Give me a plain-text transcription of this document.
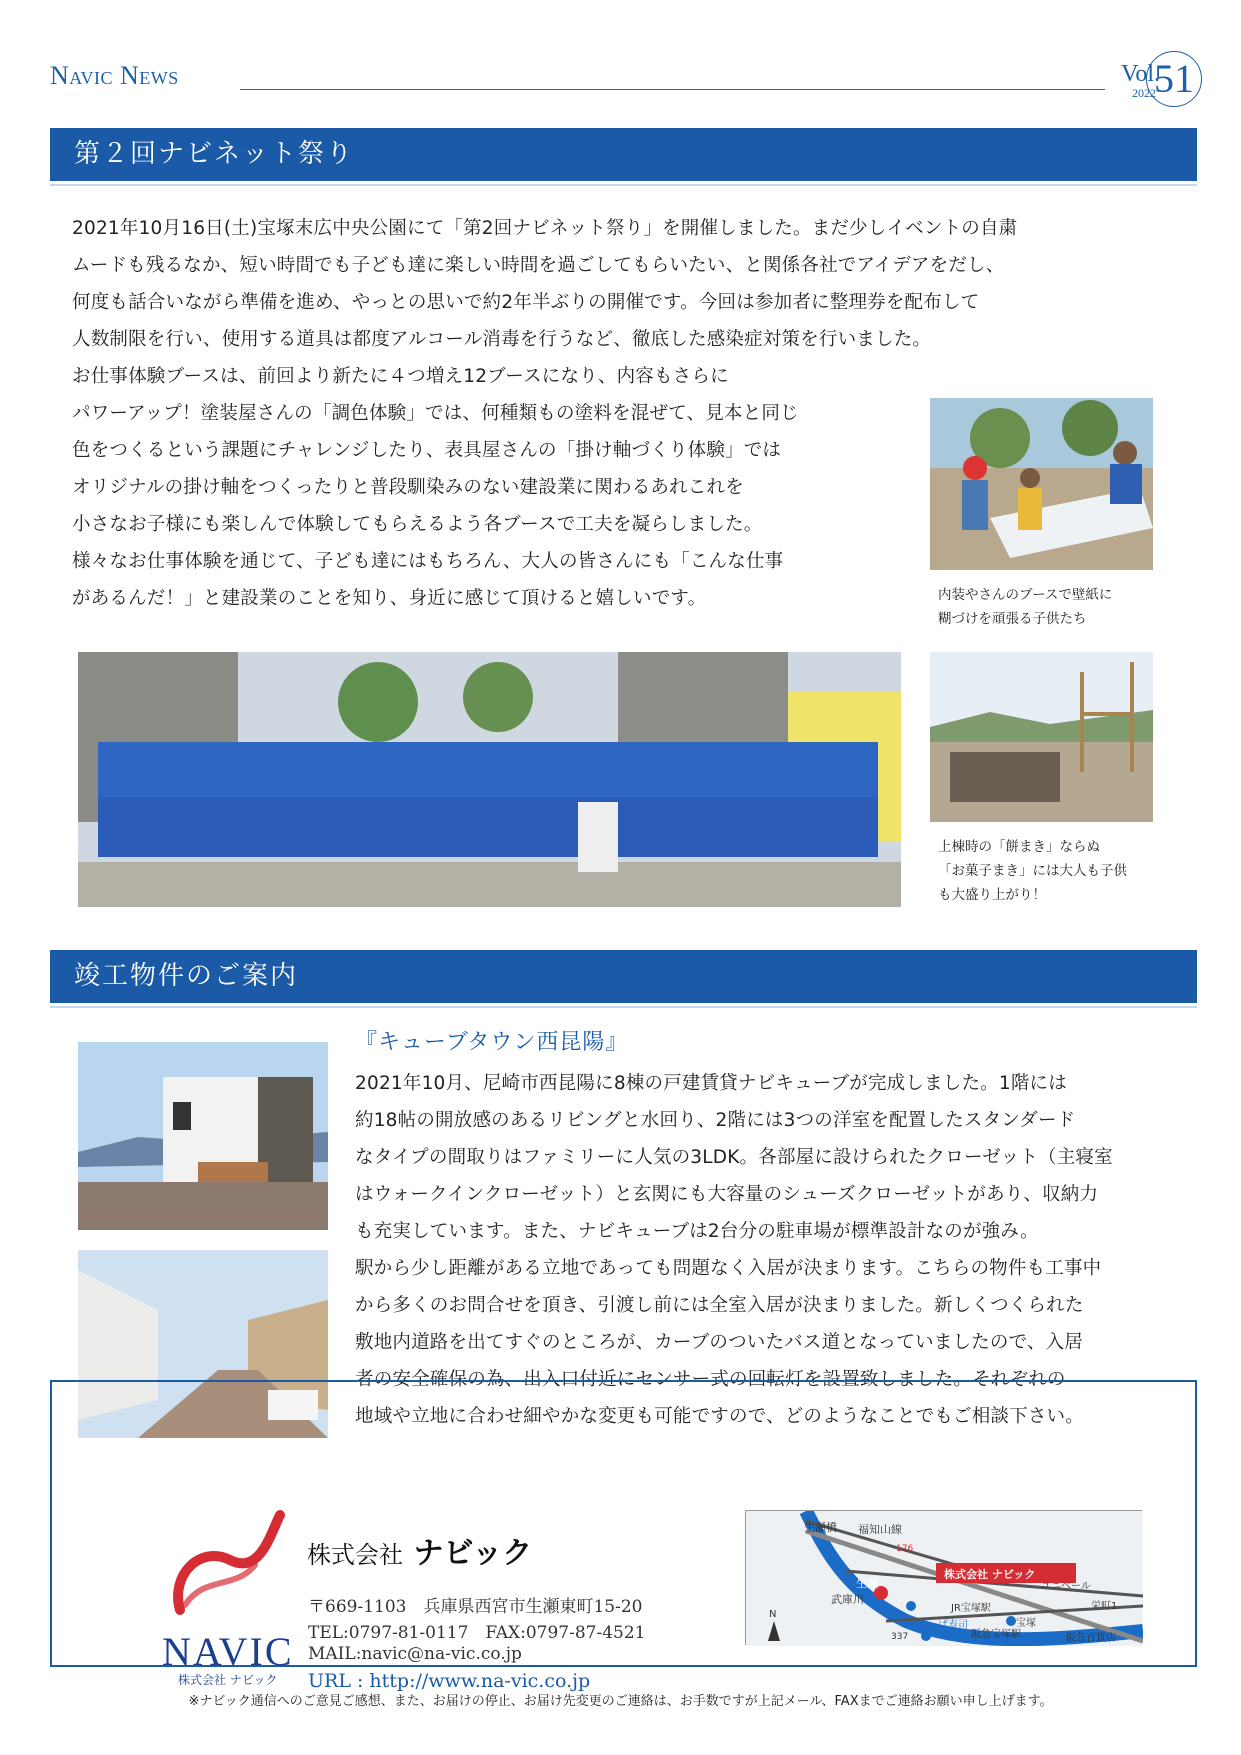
Navic News	Vol.
2022
51
第２回ナビネット祭り
2021年10月16日(土)宝塚末広中央公園にて「第2回ナビネット祭り」を開催しました。まだ少しイベントの自粛
ムードも残るなか、短い時間でも子ども達に楽しい時間を過ごしてもらいたい、と関係各社でアイデアをだし、
何度も話合いながら準備を進め、やっとの思いで約2年半ぶりの開催です。今回は参加者に整理券を配布して
人数制限を行い、使用する道具は都度アルコール消毒を行うなど、徹底した感染症対策を行いました。
お仕事体験ブースは、前回より新たに４つ増え12ブースになり、内容もさらに
パワーアップ！塗装屋さんの「調色体験」では、何種類もの塗料を混ぜて、見本と同じ
色をつくるという課題にチャレンジしたり、表具屋さんの「掛け軸づくり体験」では
オリジナルの掛け軸をつくったりと普段馴染みのない建設業に関わるあれこれを
小さなお子様にも楽しんで体験してもらえるよう各ブースで工夫を凝らしました。
様々なお仕事体験を通じて、子ども達にはもちろん、大人の皆さんにも「こんな仕事
があるんだ！」と建設業のことを知り、身近に感じて頂けると嬉しいです。	内装やさんのブースで壁紙に
糊づけを頑張る子供たち
上棟時の「餅まき」ならぬ
「お菓子まき」には大人も子供
も大盛り上がり！
竣工物件のご案内
『キューブタウン西昆陽』
2021年10月、尼崎市西昆陽に8棟の戸建賃貸ナビキューブが完成しました。1階には
約18帖の開放感のあるリビングと水回り、2階には3つの洋室を配置したスタンダード
なタイプの間取りはファミリーに人気の3LDK。各部屋に設けられたクローゼット（主寝室
はウォークインクローゼット）と玄関にも大容量のシューズクローゼットがあり、収納力
も充実しています。また、ナビキューブは2台分の駐車場が標準設計なのが強み。
駅から少し距離がある立地であっても問題なく入居が決まります。こちらの物件も工事中
から多くのお問合せを頂き、引渡し前には全室入居が決まりました。新しくつくられた
敷地内道路を出てすぐのところが、カーブのついたバス道となっていましたので、入居
者の安全確保の為、出入口付近にセンサー式の回転灯を設置致しました。それぞれの
地域や立地に合わせ細やかな変更も可能ですので、どのようなことでもご相談下さい。
NAVIC
株式会社 ナビック
株式会社 ナビック
〒669-1103　兵庫県西宮市生瀬東町15-20
TEL:0797-81-0117　FAX:0797-87-4521
MAIL:navic@na-vic.co.jp
URL : http://www.na-vic.co.jp
生瀬橋
武庫川
福知山線
株式会社 ナビック
生瀬
JR宝塚駅
ユニベール
宝塚
かっぱ寿司
阪急宝塚駅
栄町1
阪急百貨店
176
337
N
※ナビック通信へのご意見ご感想、また、お届けの停止、お届け先変更のご連絡は、お手数ですが上記メール、FAXまでご連絡お願い申し上げます。
